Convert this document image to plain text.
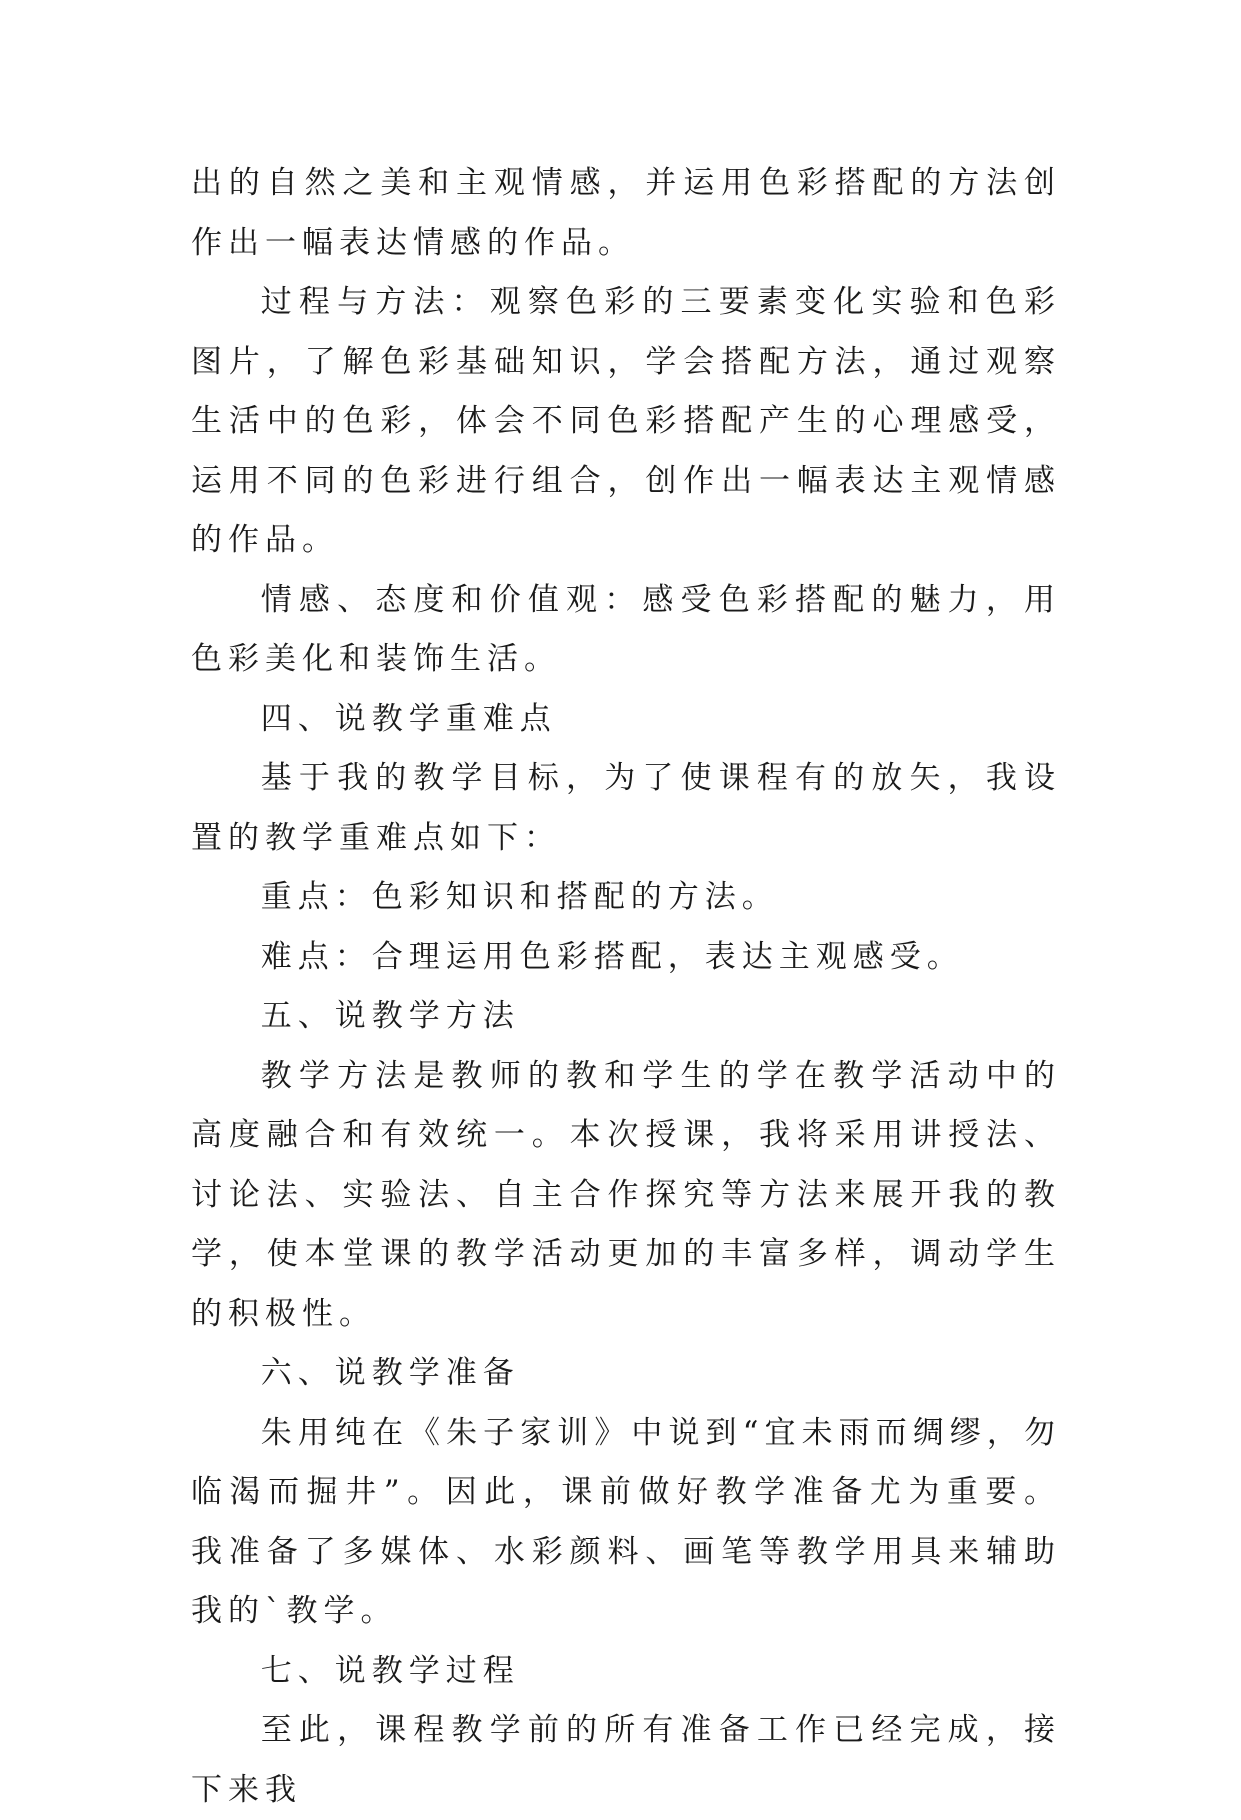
出的自然之美和主观情感，并运用色彩搭配的方法创作出一幅表达情感的作品。

过程与方法：观察色彩的三要素变化实验和色彩图片，了解色彩基础知识，学会搭配方法，通过观察生活中的色彩，体会不同色彩搭配产生的心理感受，运用不同的色彩进行组合，创作出一幅表达主观情感的作品。

情感、态度和价值观：感受色彩搭配的魅力，用色彩美化和装饰生活。

四、说教学重难点

基于我的教学目标，为了使课程有的放矢，我设置的教学重难点如下：

重点：色彩知识和搭配的方法。

难点：合理运用色彩搭配，表达主观感受。

五、说教学方法

教学方法是教师的教和学生的学在教学活动中的高度融合和有效统一。本次授课，我将采用讲授法、讨论法、实验法、自主合作探究等方法来展开我的教学，使本堂课的教学活动更加的丰富多样，调动学生的积极性。

六、说教学准备

朱用纯在《朱子家训》中说到“宜未雨而绸缪，勿临渴而掘井”。因此，课前做好教学准备尤为重要。我准备了多媒体、水彩颜料、画笔等教学用具来辅助我的`教学。

七、说教学过程

至此，课程教学前的所有准备工作已经完成，接下来我
